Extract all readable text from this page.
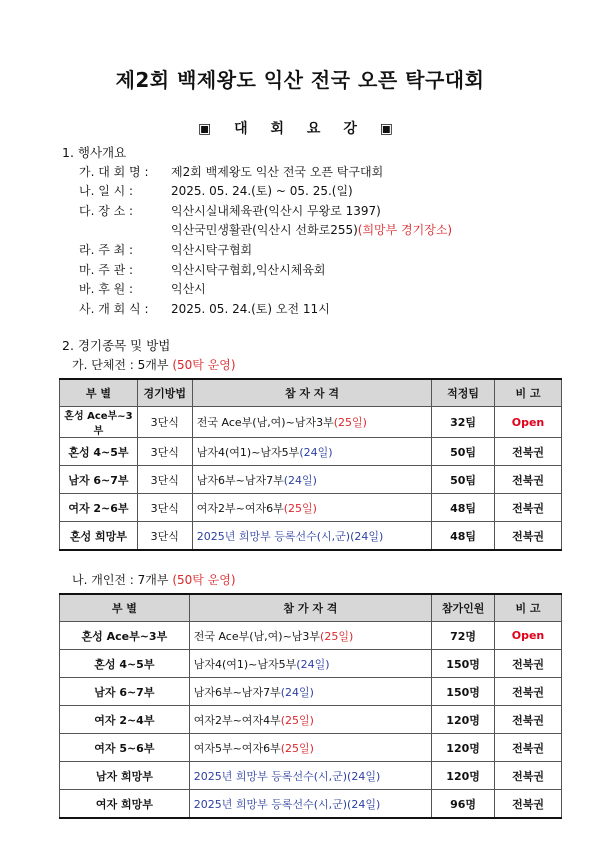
제2회 백제왕도 익산 전국 오픈 탁구대회
▣ 대 회 요 강 ▣
1. 행사개요
가. 대 회 명 : 제2회 백제왕도 익산 전국 오픈 탁구대회
나. 일 시 :	2025. 05. 24.(토) ~ 05. 25.(일)
다. 장 소 :	익산시실내체육관(익산시 무왕로 1397)
익산국민생활관(익산시 선화로255)(희망부 경기장소)
라. 주 최 :	익산시탁구협회
마. 주 관 :	익산시탁구협회,익산시체육회
바. 후 원 :	익산시
사. 개 회 식 : 2025. 05. 24.(토) 오전 11시
2. 경기종목 및 방법
가. 단체전 : 5개부 (50탁 운영)
부 별	경기방법	참 자 자 격	적정팀	비 고
혼성 Ace부~3부	3단식	전국 Ace부(남,여)~남자3부(25일)	32팀	Open
혼성 4~5부	3단식	남자4(여1)~남자5부(24일)	50팀	전북권
남자 6~7부	3단식	남자6부~남자7부(24일)	50팀	전북권
여자 2~6부	3단식	여자2부~여자6부(25일)	48팀	전북권
혼성 희망부	3단식	2025년 희망부 등록선수(시,군)(24일)	48팀	전북권
나. 개인전 : 7개부 (50탁 운영)
부 별	참 가 자 격	참가인원	비 고
혼성 Ace부~3부	전국 Ace부(남,여)~남3부(25일)	72명	Open
혼성 4~5부	남자4(여1)~남자5부(24일)	150명	전북권
남자 6~7부	남자6부~남자7부(24일)	150명	전북권
여자 2~4부	여자2부~여자4부(25일)	120명	전북권
여자 5~6부	여자5부~여자6부(25일)	120명	전북권
남자 희망부	2025년 희망부 등록선수(시,군)(24일)	120명	전북권
여자 희망부	2025년 희망부 등록선수(시,군)(24일)	96명	전북권
